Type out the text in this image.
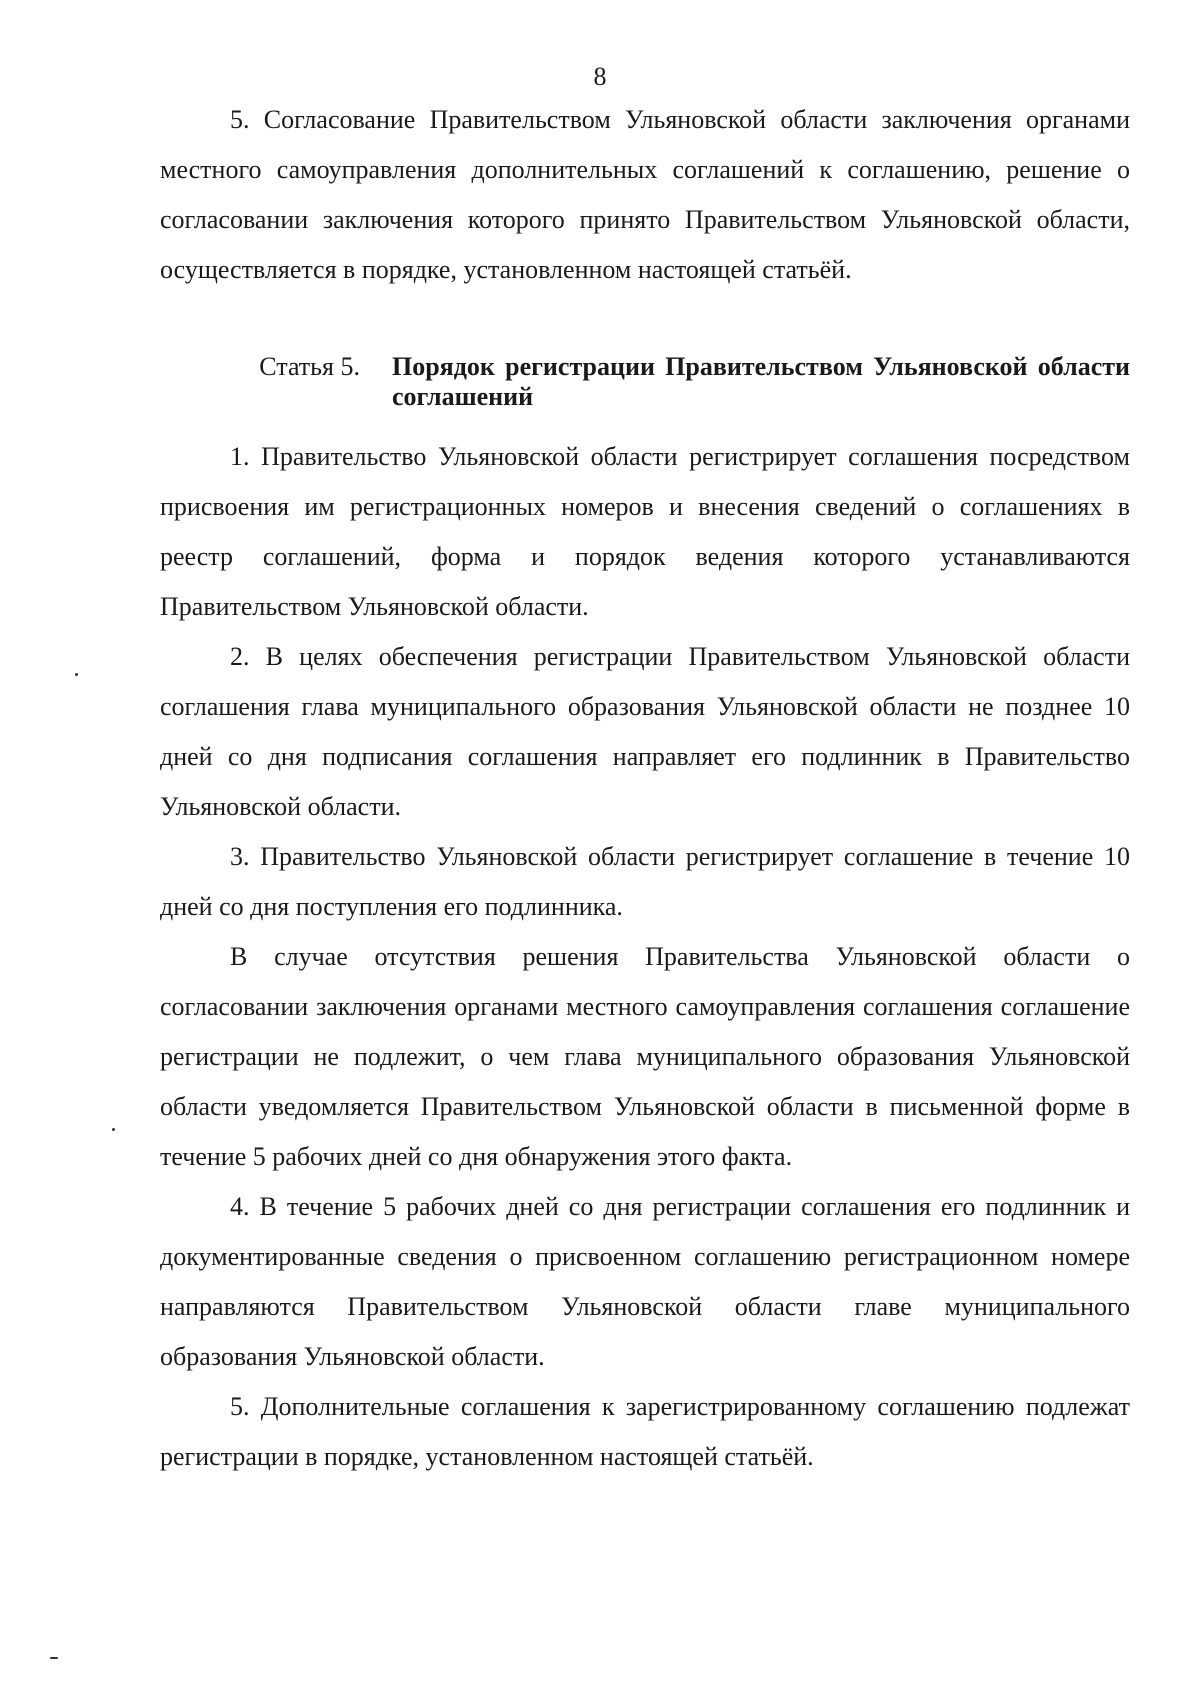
8

5. Согласование Правительством Ульяновской области заключения органами местного самоуправления дополнительных соглашений к соглашению, решение о согласовании заключения которого принято Правительством Ульяновской области, осуществляется в порядке, установленном настоящей статьёй.

Статья 5.	Порядок регистрации Правительством Ульяновской области соглашений

1. Правительство Ульяновской области регистрирует соглашения посредством присвоения им регистрационных номеров и внесения сведений о соглашениях в реестр соглашений, форма и порядок ведения которого устанавливаются Правительством Ульяновской области.

2. В целях обеспечения регистрации Правительством Ульяновской области соглашения глава муниципального образования Ульяновской области не позднее 10 дней со дня подписания соглашения направляет его подлинник в Правительство Ульяновской области.

3. Правительство Ульяновской области регистрирует соглашение в течение 10 дней со дня поступления его подлинника.

В случае отсутствия решения Правительства Ульяновской области о согласовании заключения органами местного самоуправления соглашения соглашение регистрации не подлежит, о чем глава муниципального образования Ульяновской области уведомляется Правительством Ульяновской области в письменной форме в течение 5 рабочих дней со дня обнаружения этого факта.

4. В течение 5 рабочих дней со дня регистрации соглашения его подлинник и документированные сведения о присвоенном соглашению регистрационном номере направляются Правительством Ульяновской области главе муниципального образования Ульяновской области.

5. Дополнительные соглашения к зарегистрированному соглашению подлежат регистрации в порядке, установленном настоящей статьёй.
